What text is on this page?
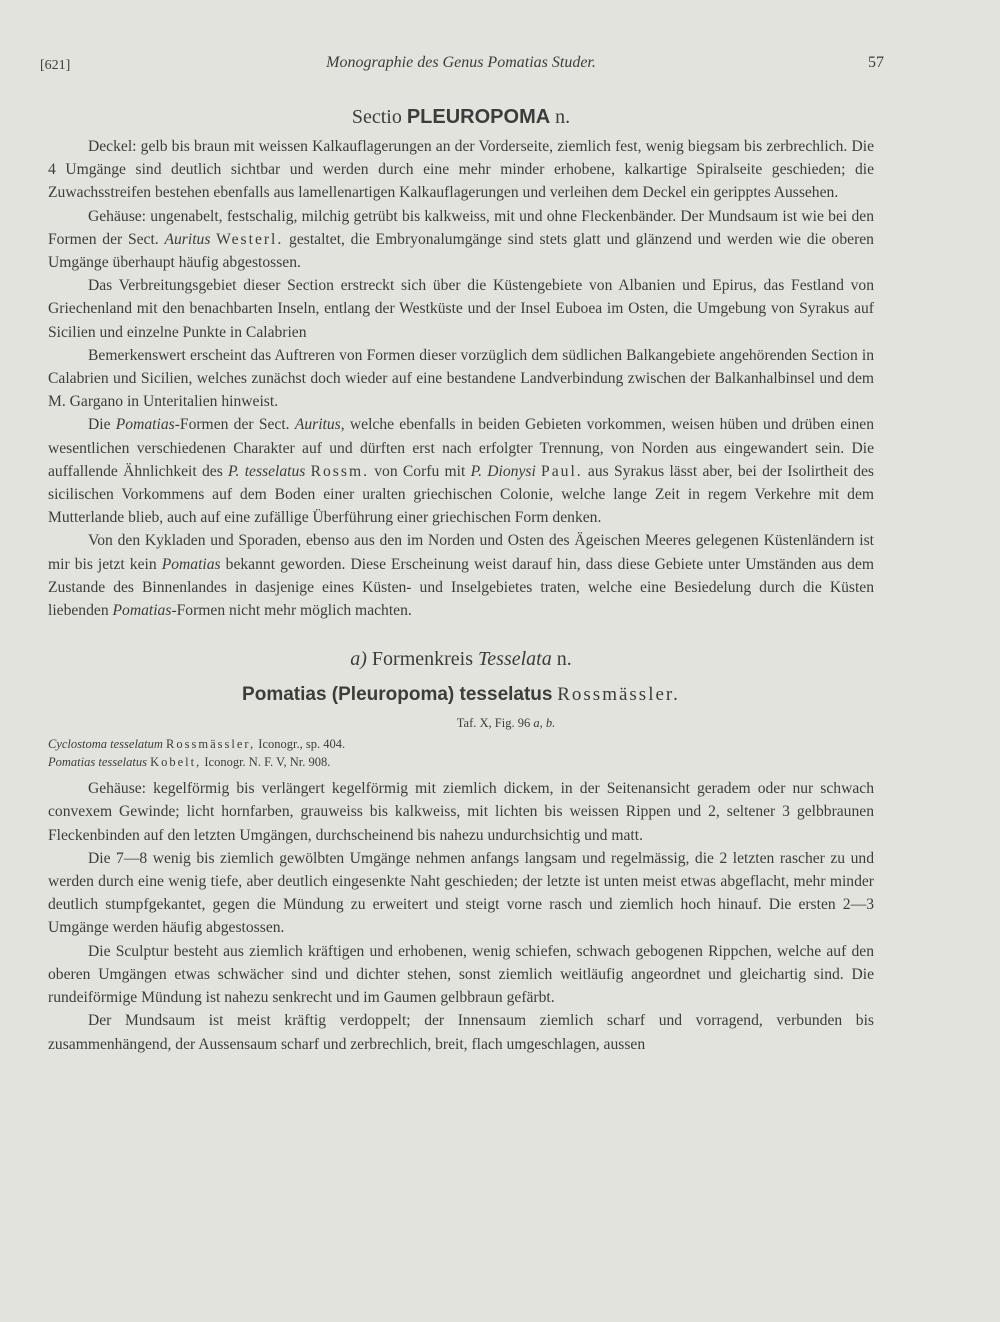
[621]	Monographie des Genus Pomatias Studer.	57
Sectio PLEUROPOMA n.

Deckel: gelb bis braun mit weissen Kalkauflagerungen an der Vorderseite, ziemlich fest, wenig biegsam bis zerbrechlich. Die 4 Umgänge sind deutlich sichtbar und werden durch eine mehr minder erhobene, kalkartige Spiralseite geschieden; die Zuwachsstreifen bestehen ebenfalls aus lamellenartigen Kalkauflagerungen und verleihen dem Deckel ein geripptes Aussehen.

Gehäuse: ungenabelt, festschalig, milchig getrübt bis kalkweiss, mit und ohne Fleckenbänder. Der Mundsaum ist wie bei den Formen der Sect. Auritus Westerl. gestaltet, die Embryonalumgänge sind stets glatt und glänzend und werden wie die oberen Umgänge überhaupt häufig abgestossen.

Das Verbreitungsgebiet dieser Section erstreckt sich über die Küstengebiete von Albanien und Epirus, das Festland von Griechenland mit den benachbarten Inseln, entlang der Westküste und der Insel Euboea im Osten, die Umgebung von Syrakus auf Sicilien und einzelne Punkte in Calabrien

Bemerkenswert erscheint das Auftreren von Formen dieser vorzüglich dem südlichen Balkangebiete angehörenden Section in Calabrien und Sicilien, welches zunächst doch wieder auf eine bestandene Landverbindung zwischen der Balkanhalbinsel und dem M. Gargano in Unteritalien hinweist.

Die Pomatias-Formen der Sect. Auritus, welche ebenfalls in beiden Gebieten vorkommen, weisen hüben und drüben einen wesentlichen verschiedenen Charakter auf und dürften erst nach erfolgter Trennung, von Norden aus eingewandert sein. Die auffallende Ähnlichkeit des P. tesselatus Rossm. von Corfu mit P. Dionysi Paul. aus Syrakus lässt aber, bei der Isolirtheit des sicilischen Vorkommens auf dem Boden einer uralten griechischen Colonie, welche lange Zeit in regem Verkehre mit dem Mutterlande blieb, auch auf eine zufällige Überführung einer griechischen Form denken.

Von den Kykladen und Sporaden, ebenso aus den im Norden und Osten des Ägeischen Meeres gelegenen Küstenländern ist mir bis jetzt kein Pomatias bekannt geworden. Diese Erscheinung weist darauf hin, dass diese Gebiete unter Umständen aus dem Zustande des Binnenlandes in dasjenige eines Küsten- und Inselgebietes traten, welche eine Besiedelung durch die Küsten liebenden Pomatias-Formen nicht mehr möglich machten.

a) Formenkreis Tesselata n.
Pomatias (Pleuropoma) tesselatus Rossmässler.
Taf. X, Fig. 96 a, b.
Cyclostoma tesselatum Rossmässler, Iconogr., sp. 404.
Pomatias tesselatus Kobelt, Iconogr. N. F. V, Nr. 908.

Gehäuse: kegelförmig bis verlängert kegelförmig mit ziemlich dickem, in der Seitenansicht geradem oder nur schwach convexem Gewinde; licht hornfarben, grauweiss bis kalkweiss, mit lichten bis weissen Rippen und 2, seltener 3 gelbbraunen Fleckenbinden auf den letzten Umgängen, durchscheinend bis nahezu undurchsichtig und matt.

Die 7—8 wenig bis ziemlich gewölbten Umgänge nehmen anfangs langsam und regelmässig, die 2 letzten rascher zu und werden durch eine wenig tiefe, aber deutlich eingesenkte Naht geschieden; der letzte ist unten meist etwas abgeflacht, mehr minder deutlich stumpfgekantet, gegen die Mündung zu erweitert und steigt vorne rasch und ziemlich hoch hinauf. Die ersten 2—3 Umgänge werden häufig abgestossen.

Die Sculptur besteht aus ziemlich kräftigen und erhobenen, wenig schiefen, schwach gebogenen Rippchen, welche auf den oberen Umgängen etwas schwächer sind und dichter stehen, sonst ziemlich weitläufig angeordnet und gleichartig sind. Die rundeiförmige Mündung ist nahezu senkrecht und im Gaumen gelbbraun gefärbt.

Der Mundsaum ist meist kräftig verdoppelt; der Innensaum ziemlich scharf und vorragend, verbunden bis zusammenhängend, der Aussensaum scharf und zerbrechlich, breit, flach umgeschlagen, aussen
